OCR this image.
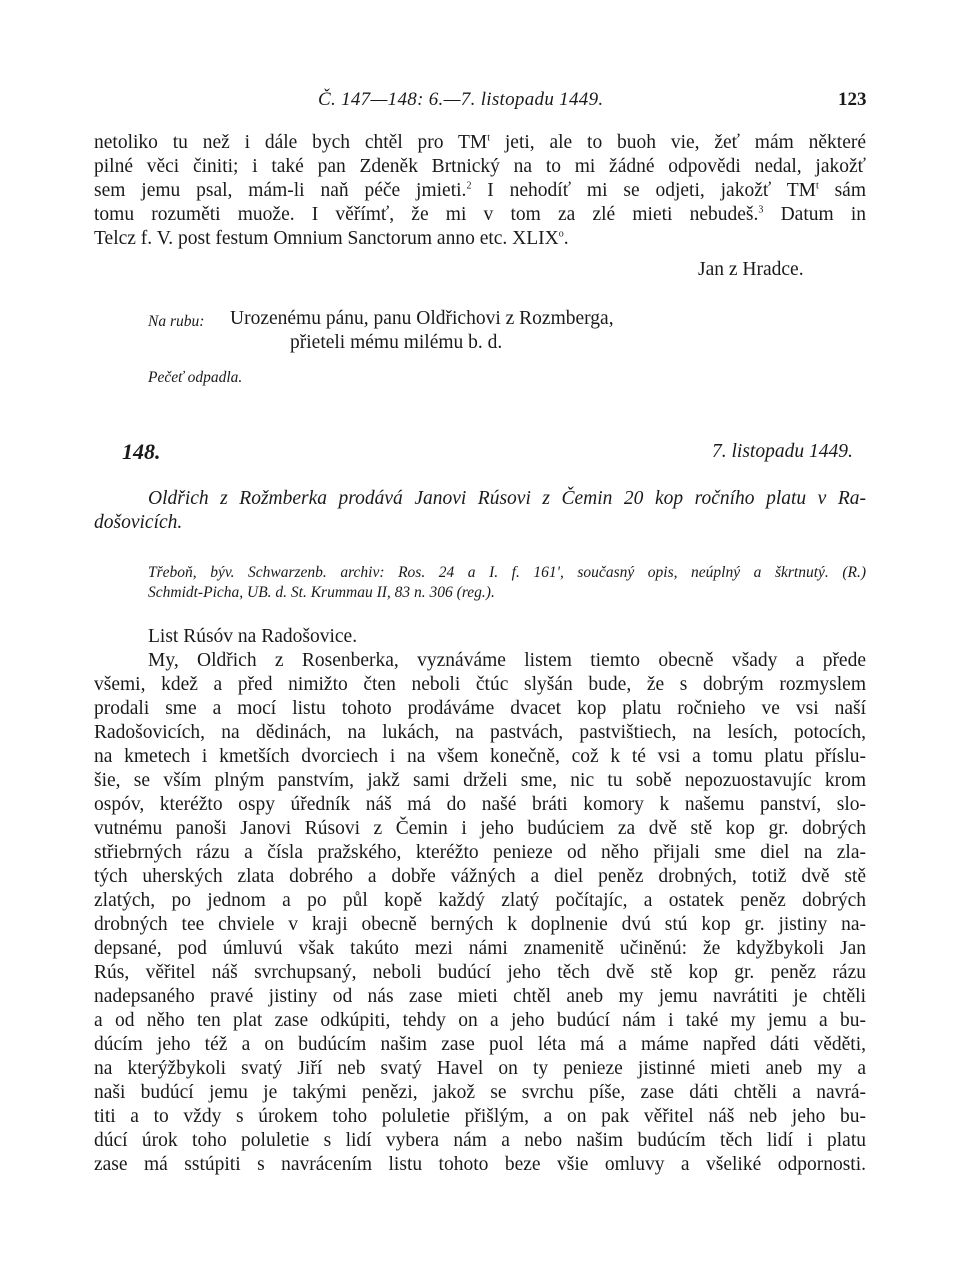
Č. 147—148: 6.—7. listopadu 1449.	123
netoliko tu než i dále bych chtěl pro $TM^t$ jeti, ale to buoh vie, žeť mám některé
pilné věci činiti; i také pan Zdeněk Brtnický na to mi žádné odpovědi nedal, jakožť
sem jemu psal, mám-li naň péče jmieti.$^2$ I nehodíť mi se odjeti, jakožť $TM^t$ sám
tomu rozuměti muože. I věřímť, že mi v tom za zlé mieti nebudeš.$^3$ Datum in
Telcz f. V. post festum Omnium Sanctorum anno etc. XLIX$^o$.
Jan z Hradce.
Na rubu: Urozenému pánu, panu Oldřichovi z Rozmberga,
přieteli mému milému b. d.
Pečeť odpadla.
148.	7. listopadu 1449.
Oldřich z Rožmberka prodává Janovi Rúsovi z Čemin 20 kop ročního platu v Ra-
došovicích.
Třeboň, býv. Schwarzenb. archiv: Ros. 24 a I. f. 161', současný opis, neúplný a škrtnutý. (R.)
Schmidt-Picha, UB. d. St. Krummau II, 83 n. 306 (reg.).
List Rúsóv na Radošovice.
My, Oldřich z Rosenberka, vyznáváme listem tiemto obecně všady a přede
všemi, kdež a před nimižto čten neboli čtúc slyšán bude, že s dobrým rozmyslem
prodali sme a mocí listu tohoto prodáváme dvacet kop platu ročnieho ve vsi naší
Radošovicích, na dědinách, na lukách, na pastvách, pastvištiech, na lesích, potocích,
na kmetech i kmetších dvorciech i na všem konečně, což k té vsi a tomu platu příslu-
šie, se vším plným panstvím, jakž sami drželi sme, nic tu sobě nepozuostavujíc krom
ospóv, kteréžto ospy úředník náš má do našé bráti komory k našemu panství, slo-
vutnému panoši Janovi Rúsovi z Čemin i jeho budúciem za dvě stě kop gr. dobrých
střiebrných rázu a čísla pražského, kteréžto penieze od něho přijali sme diel na zla-
tých uherských zlata dobrého a dobře vážných a diel peněz drobných, totiž dvě stě
zlatých, po jednom a po půl kopě každý zlatý počítajíc, a ostatek peněz dobrých
drobných tee chviele v kraji obecně berných k doplnenie dvú stú kop gr. jistiny na-
depsané, pod úmluvú však takúto mezi námi znamenitě učiněnú: že kdyžbykoli Jan
Rús, věřitel náš svrchupsaný, neboli budúcí jeho těch dvě stě kop gr. peněz rázu
nadepsaného pravé jistiny od nás zase mieti chtěl aneb my jemu navrátiti je chtěli
a od něho ten plat zase odkúpiti, tehdy on a jeho budúcí nám i také my jemu a bu-
dúcím jeho též a on budúcím našim zase puol léta má a máme napřed dáti věděti,
na kterýžbykoli svatý Jiří neb svatý Havel on ty penieze jistinné mieti aneb my a
naši budúcí jemu je takými penězi, jakož se svrchu píše, zase dáti chtěli a navrá-
titi a to vždy s úrokem toho poluletie přišlým, a on pak věřitel náš neb jeho bu-
dúcí úrok toho poluletie s lidí vybera nám a nebo našim budúcím těch lidí i platu
zase má sstúpiti s navrácením listu tohoto beze všie omluvy a všeliké odpornosti.
